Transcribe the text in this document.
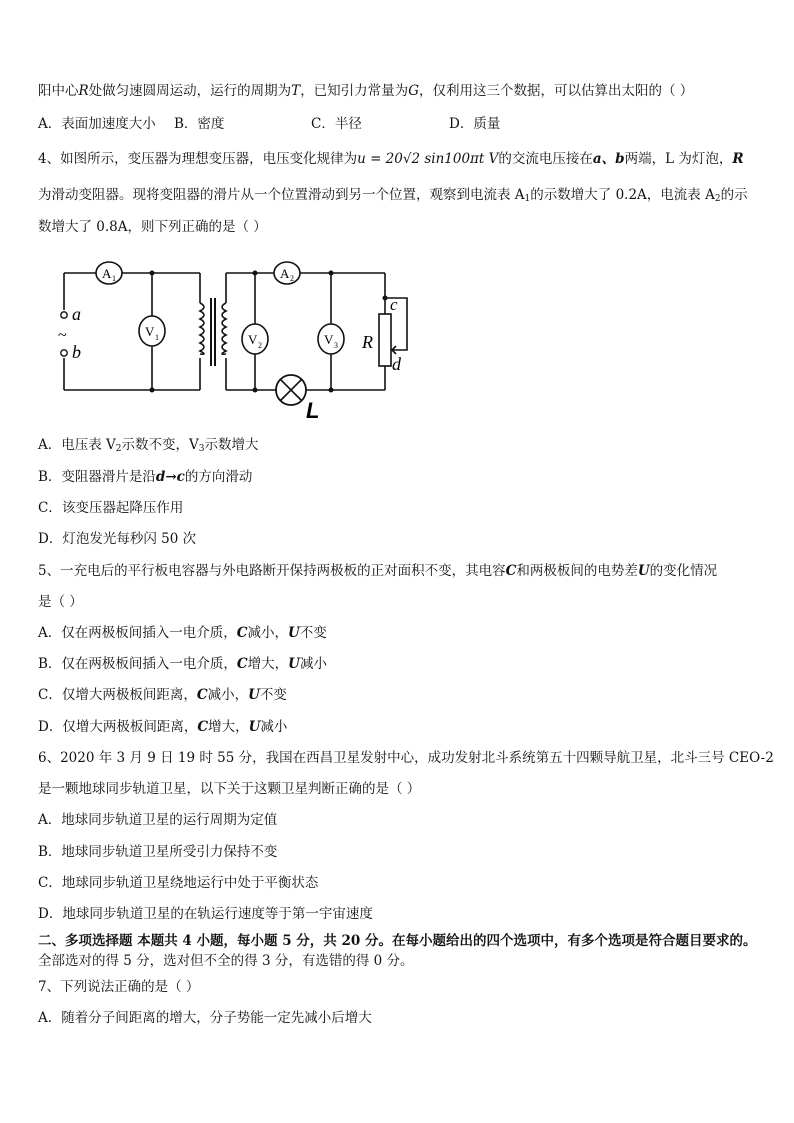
阳中心R处做匀速圆周运动，运行的周期为T，已知引力常量为G，仅利用这三个数据，可以估算出太阳的（ ）
A．表面加速度大小 B．密度	C．半径	D．质量
4、如图所示，变压器为理想变压器，电压变化规律为u = 20√2 sin100πt V的交流电压接在a、b两端，L 为灯泡，R
为滑动变阻器。现将变阻器的滑片从一个位置滑动到另一个位置，观察到电流表 $A_1$的示数增大了 0.2A，电流表 $A_2$的示
数增大了 0.8A，则下列正确的是（ ）
A 1	A 2
V 1	V 2	V 3
a
~
b	R
c
d
L
A．电压表 $V_2$示数不变，$V_3$示数增大
B．变阻器滑片是沿d→c的方向滑动
C．该变压器起降压作用
D．灯泡发光每秒闪 50 次
5、一充电后的平行板电容器与外电路断开保持两极板的正对面积不变，其电容C和两极板间的电势差U的变化情况
是（ ）
A．仅在两极板间插入一电介质，C减小，U不变
B．仅在两极板间插入一电介质，C增大，U减小
C．仅增大两极板间距离，C减小，U不变
D．仅增大两极板间距离，C增大，U减小
6、2020 年 3 月 9 日 19 时 55 分，我国在西昌卫星发射中心，成功发射北斗系统第五十四颗导航卫星，北斗三号 CEO-2
是一颗地球同步轨道卫星，以下关于这颗卫星判断正确的是（ ）
A．地球同步轨道卫星的运行周期为定值
B．地球同步轨道卫星所受引力保持不变
C．地球同步轨道卫星绕地运行中处于平衡状态
D．地球同步轨道卫星的在轨运行速度等于第一宇宙速度
二、多项选择题 本题共 4 小题，每小题 5 分，共 20 分。在每小题给出的四个选项中，有多个选项是符合题目要求的。
全部选对的得 5 分，选对但不全的得 3 分，有选错的得 0 分。
7、下列说法正确的是（ ）
A．随着分子间距离的增大，分子势能一定先减小后增大
